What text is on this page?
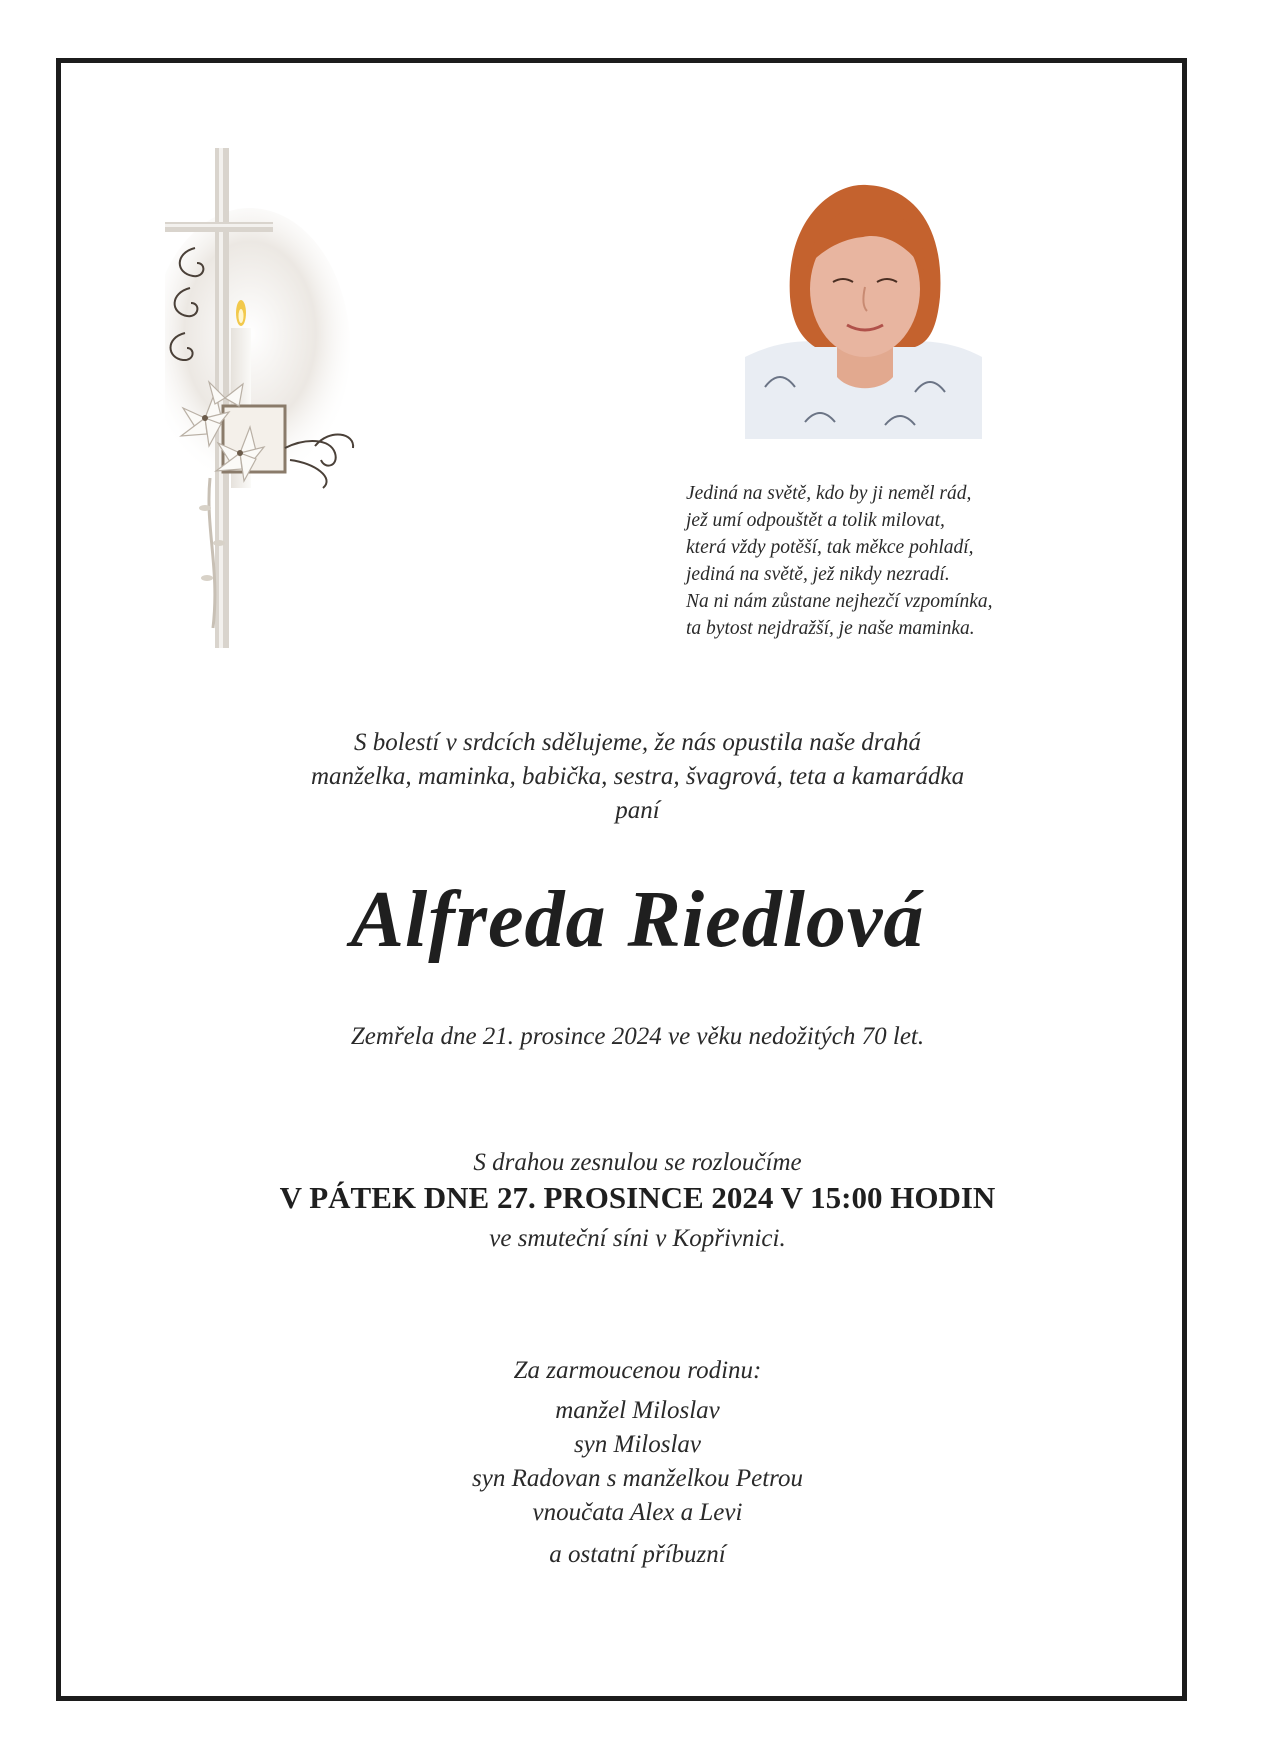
Jediná na světě, kdo by ji neměl rád,
jež umí odpouštět a tolik milovat,
která vždy potěší, tak měkce pohladí,
jediná na světě, jež nikdy nezradí.
Na ni nám zůstane nejhezčí vzpomínka,
ta bytost nejdražší, je naše maminka.
S bolestí v srdcích sdělujeme, že nás opustila naše drahá
manželka, maminka, babička, sestra, švagrová, teta a kamarádka
paní
Alfreda Riedlová
Zemřela dne 21. prosince 2024 ve věku nedožitých 70 let.
S drahou zesnulou se rozloučíme
V PÁTEK DNE 27. PROSINCE 2024 V 15:00 HODIN
ve smuteční síni v Kopřivnici.
Za zarmoucenou rodinu:
manžel Miloslav
syn Miloslav
syn Radovan s manželkou Petrou
vnoučata Alex a Levi
a ostatní příbuzní
